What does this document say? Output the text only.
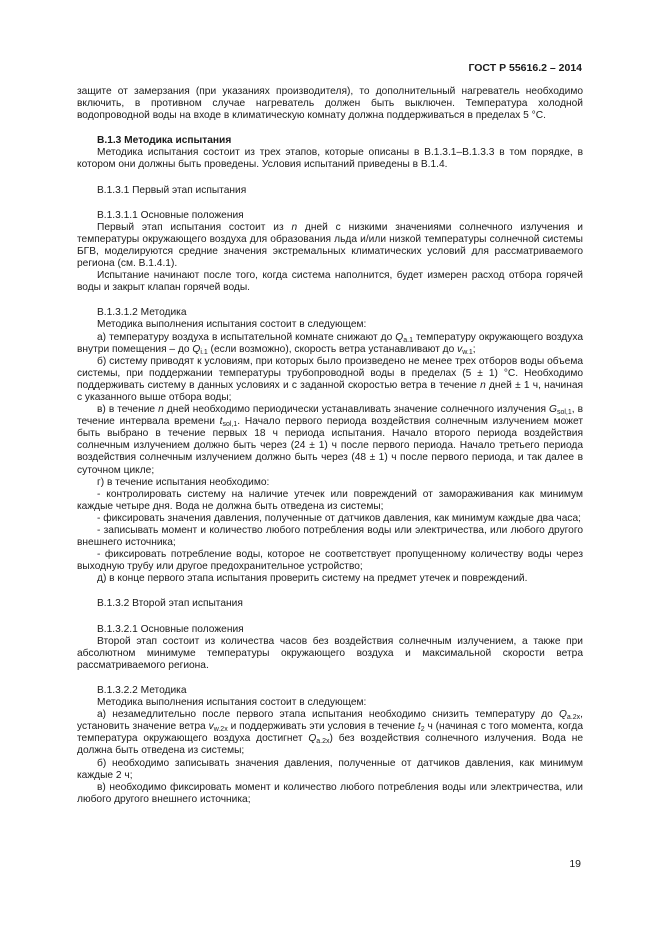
ГОСТ Р 55616.2 – 2014

защите от замерзания (при указаниях производителя), то дополнительный нагреватель необходимо включить, в противном случае нагреватель должен быть выключен. Температура холодной водопроводной воды на входе в климатическую комнату должна поддерживаться в пределах 5 °С.

В.1.3 Методика испытания

Методика испытания состоит из трех этапов, которые описаны в В.1.3.1–В.1.3.3 в том порядке, в котором они должны быть проведены. Условия испытаний приведены в В.1.4.

В.1.3.1 Первый этап испытания

В.1.3.1.1 Основные положения

Первый этап испытания состоит из n дней с низкими значениями солнечного излучения и температуры окружающего воздуха для образования льда и/или низкой температуры солнечной системы БГВ, моделируются средние значения экстремальных климатических условий для рассматриваемого региона (см. В.1.4.1).

Испытание начинают после того, когда система наполнится, будет измерен расход отбора горячей воды и закрыт клапан горячей воды.

В.1.3.1.2 Методика

Методика выполнения испытания состоит в следующем:

а) температуру воздуха в испытательной комнате снижают до $Q_{a.1}$ температуру окружающего воздуха внутри помещения – до $Q_{i.1}$ (если возможно), скорость ветра устанавливают до $v_{w.1}$;

б) систему приводят к условиям, при которых было произведено не менее трех отборов воды объема системы, при поддержании температуры трубопроводной воды в пределах (5 ± 1) °С. Необходимо поддерживать систему в данных условиях и с заданной скоростью ветра в течение n дней ± 1 ч, начиная с указанного выше отбора воды;

в) в течение n дней необходимо периодически устанавливать значение солнечного излучения $G_{sol,1}$, в течение интервала времени $t_{sol,1}$. Начало первого периода воздействия солнечным излучением может быть выбрано в течение первых 18 ч периода испытания. Начало второго периода воздействия солнечным излучением должно быть через (24 ± 1) ч после первого периода. Начало третьего периода воздействия солнечным излучением должно быть через (48 ± 1) ч после первого периода, и так далее в суточном цикле;

г) в течение испытания необходимо:

- контролировать систему на наличие утечек или повреждений от замораживания как минимум каждые четыре дня. Вода не должна быть отведена из системы;

- фиксировать значения давления, полученные от датчиков давления, как минимум каждые два часа;

- записывать момент и количество любого потребления воды или электричества, или любого другого внешнего источника;

- фиксировать потребление воды, которое не соответствует пропущенному количеству воды через выходную трубу или другое предохранительное устройство;

д) в конце первого этапа испытания проверить систему на предмет утечек и повреждений.

В.1.3.2 Второй этап испытания

В.1.3.2.1 Основные положения

Второй этап состоит из количества часов без воздействия солнечным излучением, а также при абсолютном минимуме температуры окружающего воздуха и максимальной скорости ветра рассматриваемого региона.

В.1.3.2.2 Методика

Методика выполнения испытания состоит в следующем:

а) незамедлительно после первого этапа испытания необходимо снизить температуру до $Q_{a.2x}$, установить значение ветра $v_{w.2x}$ и поддерживать эти условия в течение $t_2$ ч (начиная с того момента, когда температура окружающего воздуха достигнет $Q_{a.2x}$) без воздействия солнечного излучения. Вода не должна быть отведена из системы;

б) необходимо записывать значения давления, полученные от датчиков давления, как минимум каждые 2 ч;

в) необходимо фиксировать момент и количество любого потребления воды или электричества, или любого другого внешнего источника;

19
